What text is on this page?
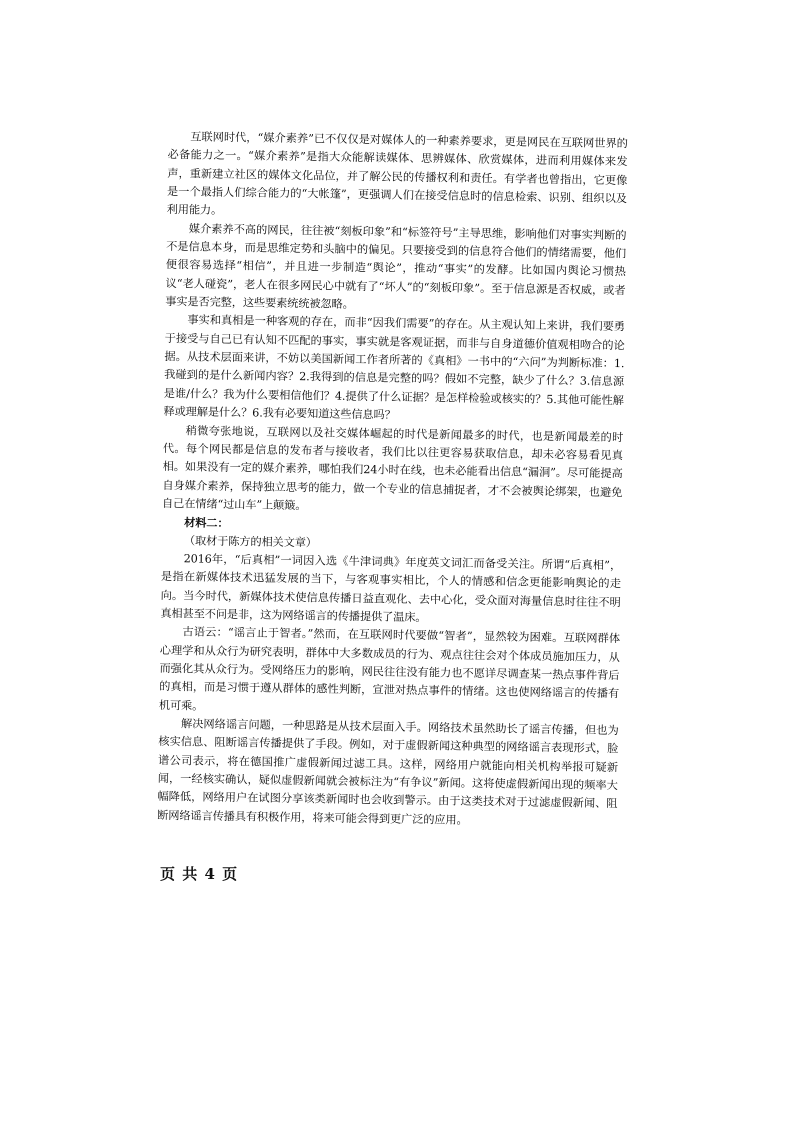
互联网时代，“媒介素养”已不仅仅是对媒体人的一种素养要求，更是网民在互联网世界的必备能力之一。“媒介素养”是指大众能解读媒体、思辨媒体、欣赏媒体，进而利用媒体来发声，重新建立社区的媒体文化品位，并了解公民的传播权利和责任。有学者也曾指出，它更像是一个最指人们综合能力的“大帐篷”，更强调人们在接受信息时的信息检索、识别、组织以及利用能力。

媒介素养不高的网民，往往被“刻板印象”和“标签符号”主导思维，影响他们对事实判断的不是信息本身，而是思维定势和头脑中的偏见。只要接受到的信息符合他们的情绪需要，他们便很容易选择“相信”，并且进一步制造“舆论”，推动“事实”的发酵。比如国内舆论习惯热议“老人碰瓷”，老人在很多网民心中就有了“坏人”的“刻板印象”。至于信息源是否权威，或者事实是否完整，这些要素统统被忽略。

事实和真相是一种客观的存在，而非“因我们需要”的存在。从主观认知上来讲，我们要勇于接受与自己已有认知不匹配的事实，事实就是客观证据，而非与自身道德价值观相吻合的论据。从技术层面来讲，不妨以美国新闻工作者所著的《真相》一书中的“六问”为判断标准：1.我碰到的是什么新闻内容？2.我得到的信息是完整的吗？假如不完整，缺少了什么？3.信息源是谁/什么？我为什么要相信他们？4.提供了什么证据？是怎样检验或核实的？5.其他可能性解释或理解是什么？6.我有必要知道这些信息吗？

稍微夸张地说，互联网以及社交媒体崛起的时代是新闻最多的时代，也是新闻最差的时代。每个网民都是信息的发布者与接收者，我们比以往更容易获取信息，却未必容易看见真相。如果没有一定的媒介素养，哪怕我们24小时在线，也未必能看出信息“漏洞”。尽可能提高自身媒介素养，保持独立思考的能力，做一个专业的信息捕捉者，才不会被舆论绑架，也避免自己在情绪“过山车”上颠簸。

材料二：

（取材于陈方的相关文章）

2016年，“后真相”一词因入选《牛津词典》年度英文词汇而备受关注。所谓“后真相”，是指在新媒体技术迅猛发展的当下，与客观事实相比，个人的情感和信念更能影响舆论的走向。当今时代，新媒体技术使信息传播日益直观化、去中心化，受众面对海量信息时往往不明真相甚至不问是非，这为网络谣言的传播提供了温床。

古语云：“谣言止于智者。”然而，在互联网时代要做“智者”，显然较为困难。互联网群体心理学和从众行为研究表明，群体中大多数成员的行为、观点往往会对个体成员施加压力，从而强化其从众行为。受网络压力的影响，网民往往没有能力也不愿详尽调查某一热点事件背后的真相，而是习惯于遵从群体的感性判断，宣泄对热点事件的情绪。这也使网络谣言的传播有机可乘。

解决网络谣言问题，一种思路是从技术层面入手。网络技术虽然助长了谣言传播，但也为核实信息、阻断谣言传播提供了手段。例如，对于虚假新闻这种典型的网络谣言表现形式，脸谱公司表示，将在德国推广虚假新闻过滤工具。这样，网络用户就能向相关机构举报可疑新闻，一经核实确认，疑似虚假新闻就会被标注为“有争议”新闻。这将使虚假新闻出现的频率大幅降低，网络用户在试图分享该类新闻时也会收到警示。由于这类技术对于过滤虚假新闻、阻断网络谣言传播具有积极作用，将来可能会得到更广泛的应用。

页 共 4 页
